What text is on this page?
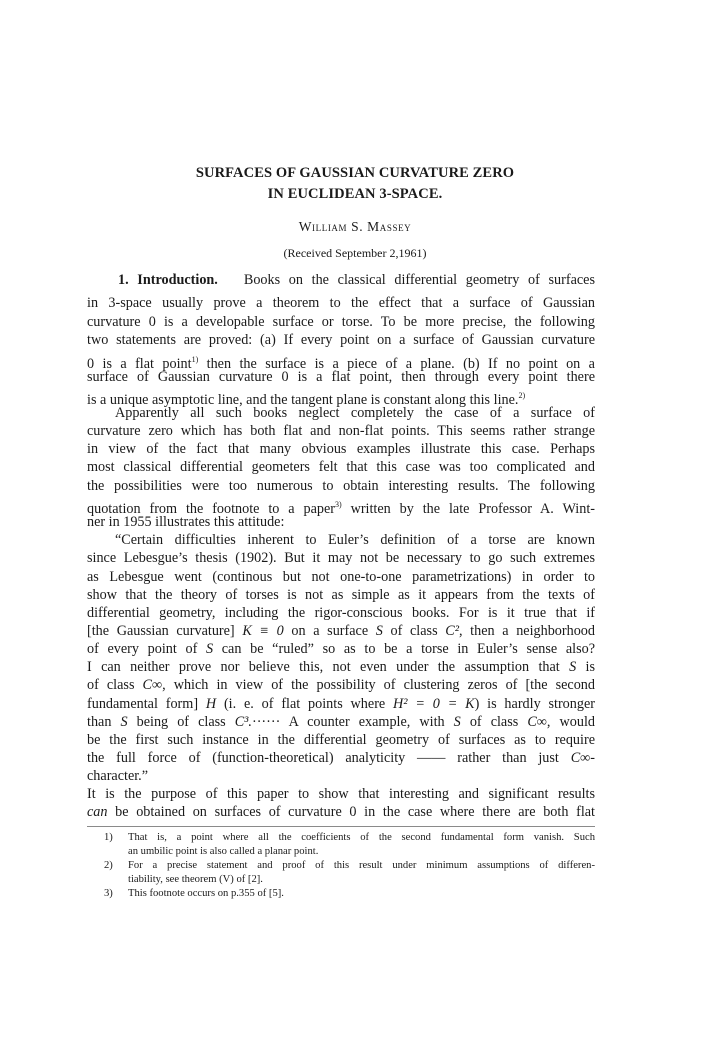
SURFACES OF GAUSSIAN CURVATURE ZERO
IN EUCLIDEAN 3-SPACE.
William S. Massey
(Received September 2,1961)
1. Introduction. Books on the classical differential geometry of surfaces
in 3-space usually prove a theorem to the effect that a surface of Gaussian
curvature 0 is a developable surface or torse. To be more precise, the following
two statements are proved: (a) If every point on a surface of Gaussian curvature
0 is a flat point$^{1)}$ then the surface is a piece of a plane. (b) If no point on a
surface of Gaussian curvature 0 is a flat point, then through every point there
is a unique asymptotic line, and the tangent plane is constant along this line.$^{2)}$
Apparently all such books neglect completely the case of a surface of
curvature zero which has both flat and non-flat points. This seems rather strange
in view of the fact that many obvious examples illustrate this case. Perhaps
most classical differential geometers felt that this case was too complicated and
the possibilities were too numerous to obtain interesting results. The following
quotation from the footnote to a paper$^{3)}$ written by the late Professor A. Wint-
ner in 1955 illustrates this attitude:
“Certain difficulties inherent to Euler’s definition of a torse are known
since Lebesgue’s thesis (1902). But it may not be necessary to go such extremes
as Lebesgue went (continous but not one-to-one parametrizations) in order to
show that the theory of torses is not as simple as it appears from the texts of
differential geometry, including the rigor-conscious books. For is it true that if
[the Gaussian curvature] K ≡ 0 on a surface S of class C², then a neighborhood
of every point of S can be “ruled” so as to be a torse in Euler’s sense also?
I can neither prove nor believe this, not even under the assumption that S is
of class C∞, which in view of the possibility of clustering zeros of [the second
fundamental form] H (i. e. of flat points where H² = 0 = K) is hardly stronger
than S being of class C³.······ A counter example, with S of class C∞, would
be the first such instance in the differential geometry of surfaces as to require
the full force of (function-theoretical) analyticity —— rather than just C∞-
character.”
It is the purpose of this paper to show that interesting and significant results
can be obtained on surfaces of curvature 0 in the case where there are both flat
1)	That is, a point where all the coefficients of the second fundamental form vanish. Such
an umbilic point is also called a planar point.
2)	For a precise statement and proof of this result under minimum assumptions of differen-
tiability, see theorem (V) of [2].
3)	This footnote occurs on p.355 of [5].
